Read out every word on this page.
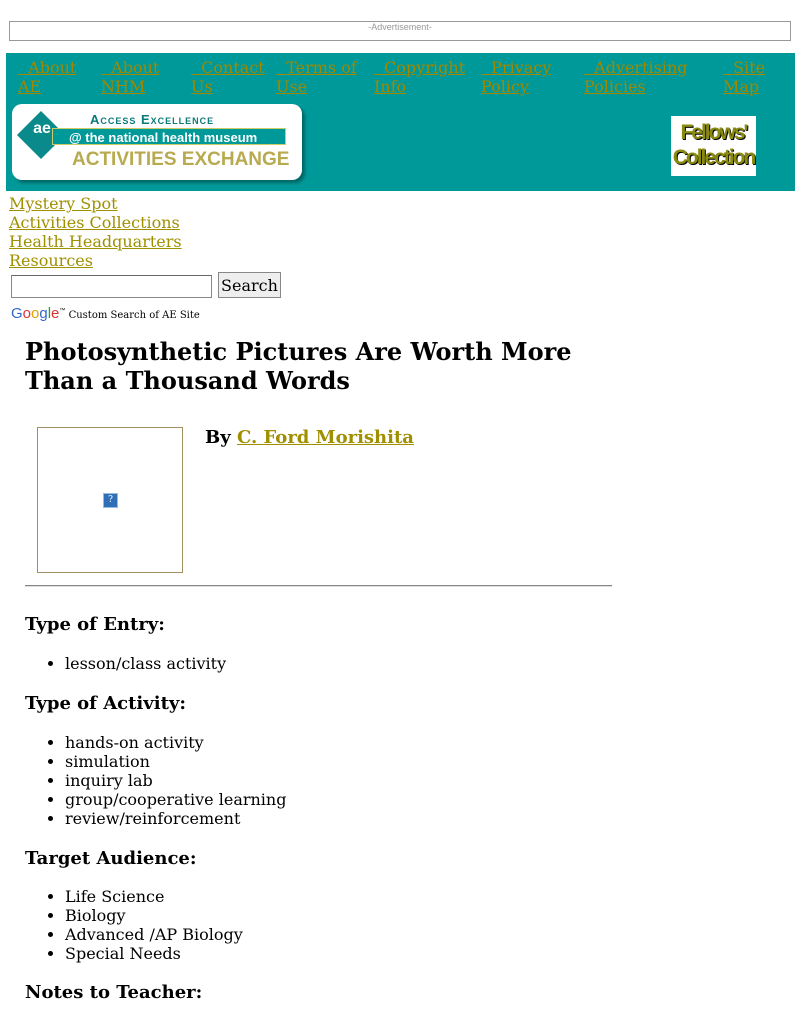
-Advertisement-
About
AE
About
NHM
Contact
Us
Terms of
Use
Copyright
Info
Privacy
Policy
Advertising
Policies
Site
Map
ae
Access Excellence
@ the national health museum
ACTIVITIES EXCHANGE
Fellows' Collection
Mystery Spot
Activities Collections
Health Headquarters
Resources
Search
Google™ Custom Search of AE Site
Photosynthetic Pictures Are Worth More Than a Thousand Words
?
By C. Ford Morishita
Type of Entry:
• lesson/class activity
Type of Activity:
• hands-on activity
• simulation
• inquiry lab
• group/cooperative learning
• review/reinforcement
Target Audience:
• Life Science
• Biology
• Advanced /AP Biology
• Special Needs
Notes to Teacher:
